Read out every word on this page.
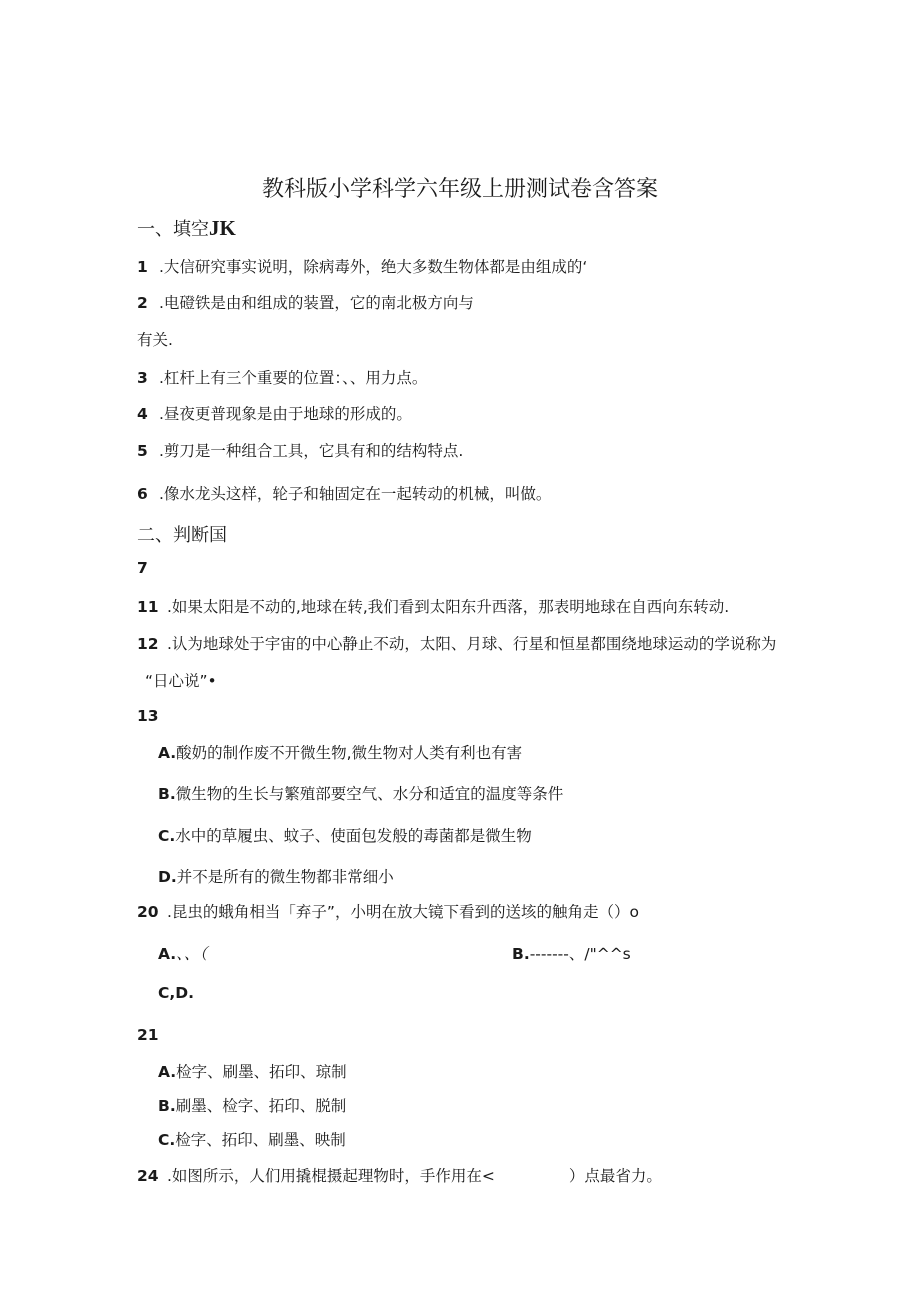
教科版小学科学六年级上册测试卷含答案
一、填空JK
1 .大信研究事实说明，除病毒外，绝大多数生物体都是由组成的‘
2 .电磴铁是由和组成的装置，它的南北极方向与
有关.
3 .杠杆上有三个重要的位置：、、用力点。
4 .昼夜更普现象是由于地球的形成的。
5 .剪刀是一种组合工具，它具有和的结构特点.
6 .像水龙头这样，轮子和轴固定在一起转动的机械，叫做。
二、判断国
7
11 .如果太阳是不动的,地球在转,我们看到太阳东升西落，那表明地球在自西向东转动.
12 .认为地球处于宇宙的中心静止不动，太阳、月球、行星和恒星都围绕地球运动的学说称为
“日心说”•
13
A.酸奶的制作废不开微生物,微生物对人类有利也有害
B.微生物的生长与繁殖部要空气、水分和适宜的温度等条件
C.水中的草履虫、蚊子、使面包发般的毒菌都是微生物
D.并不是所有的微生物都非常细小
20 .昆虫的蛾角相当「弃子”，小明在放大镜下看到的送垓的触角走（）o
A.、、（	B.-------、/"^^s
C,D.
21
A.检字、刷墨、拓印、琼制
B.刷墨、检字、拓印、脱制
C.检字、拓印、刷墨、映制
24 .如图所示，人们用撬棍摄起理物时，手作用在<	）点最省力。
